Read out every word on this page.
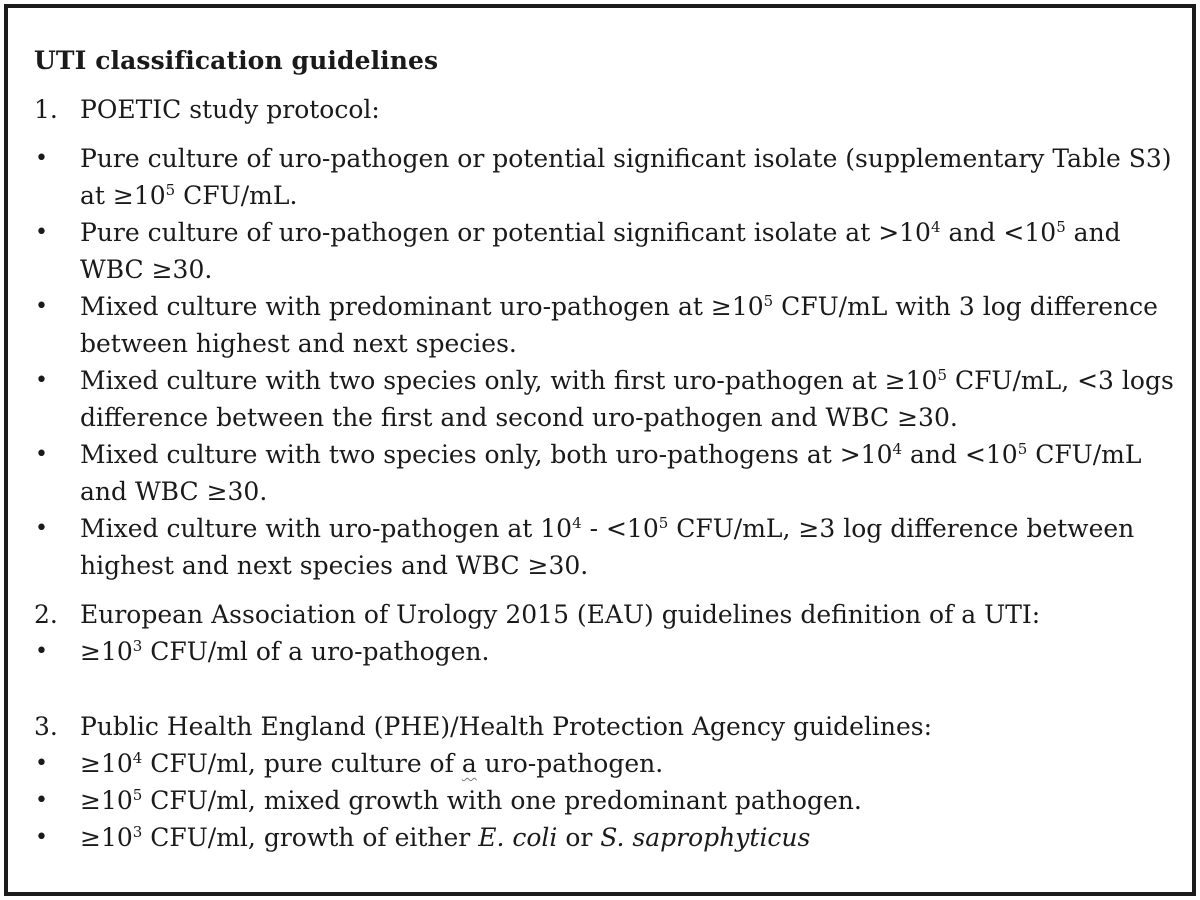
UTI classification guidelines
1. POETIC study protocol:
• Pure culture of uro-pathogen or potential significant isolate (supplementary Table S3) at $\ge 10^5$ CFU/mL.
• Pure culture of uro-pathogen or potential significant isolate at $>10^4$ and $<10^5$ and WBC ≥30.
• Mixed culture with predominant uro-pathogen at $\ge 10^5$ CFU/mL with 3 log difference between highest and next species.
• Mixed culture with two species only, with first uro-pathogen at $\ge 10^5$ CFU/mL, <3 logs difference between the first and second uro-pathogen and WBC ≥30.
• Mixed culture with two species only, both uro-pathogens at $>10^4$ and $<10^5$ CFU/mL and WBC ≥30.
• Mixed culture with uro-pathogen at $10^4 - <10^5$ CFU/mL, ≥3 log difference between highest and next species and WBC ≥30.
2. European Association of Urology 2015 (EAU) guidelines definition of a UTI:
• $\ge 10^3$ CFU/ml of a uro-pathogen.
3. Public Health England (PHE)/Health Protection Agency guidelines:
• $\ge 10^4$ CFU/ml, pure culture of a uro-pathogen.
• $\ge 10^5$ CFU/ml, mixed growth with one predominant pathogen.
• $\ge 10^3$ CFU/ml, growth of either E. coli or S. saprophyticus
